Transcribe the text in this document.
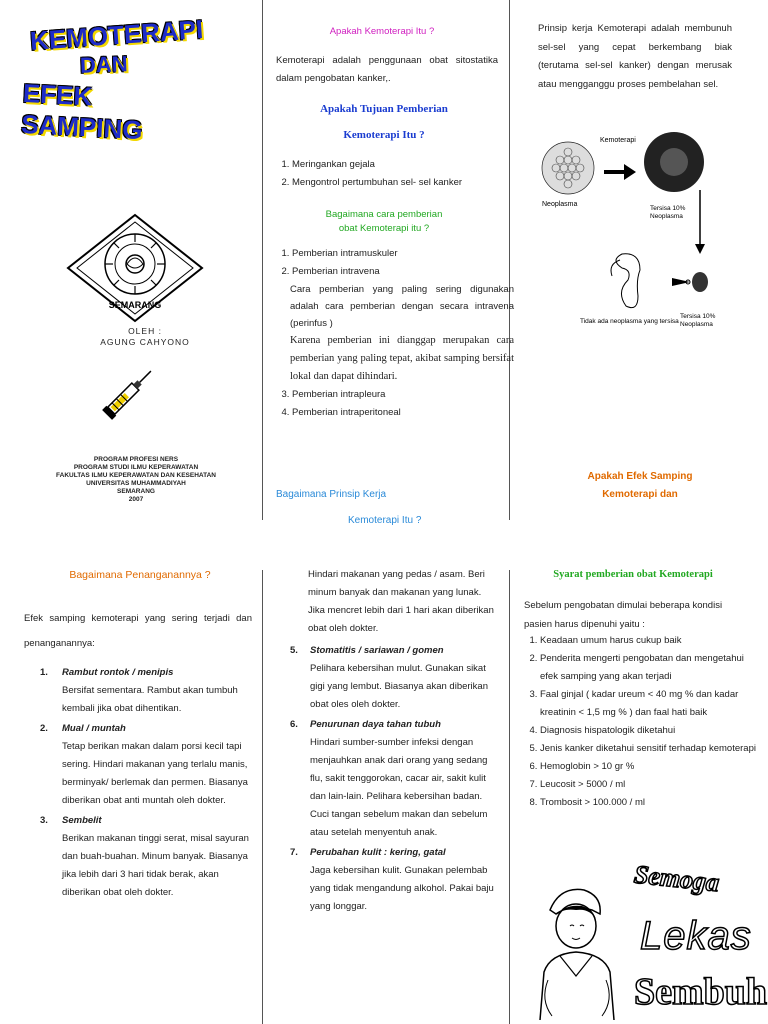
KEMOTERAPI
DAN
EFEK SAMPING
SEMARANG
OLEH :
AGUNG CAHYONO
PROGRAM PROFESI NERS
PROGRAM STUDI ILMU KEPERAWATAN
FAKULTAS ILMU KEPERAWATAN DAN KESEHATAN
UNIVERSITAS MUHAMMADIYAH
SEMARANG
2007
Apakah Kemoterapi Itu ?

Kemoterapi adalah penggunaan obat sitostatika dalam pengobatan kanker,.

Apakah Tujuan Pemberian
Kemoterapi Itu ?
1. Meringankan gejala
2. Mengontrol pertumbuhan sel- sel kanker
Bagaimana cara pemberian
obat Kemoterapi itu ?
1. Pemberian intramuskuler
2. Pemberian intravena

Cara pemberian yang paling sering digunakan adalah cara pemberian dengan secara intravena (perinfus )

Karena pemberian ini dianggap merupakan cara pemberian yang paling tepat, akibat samping bersifat lokal dan dapat dihindari.

3. Pemberian intrapleura
4. Pemberian intraperitoneal
Bagaimana Prinsip Kerja
Kemoterapi Itu ?

Prinsip kerja Kemoterapi adalah membunuh sel-sel yang cepat berkembang biak (terutama sel-sel kanker) dengan merusak atau mengganggu proses pembelahan sel.

Kemoterapi
Neoplasma
Tersisa 10%
Neoplasma
Tersisa 10%
Neoplasma
Tidak ada neoplasma yang tersisa
Apakah Efek Samping
Kemoterapi dan
Bagaimana Penanganannya ?

Efek samping kemoterapi yang sering terjadi dan penanganannya:

1. Rambut rontok / menipis
Bersifat sementara. Rambut akan tumbuh kembali jika obat dihentikan.
2. Mual / muntah
Tetap berikan makan dalam porsi kecil tapi sering. Hindari makanan yang terlalu manis, berminyak/ berlemak dan permen. Biasanya diberikan obat anti muntah oleh dokter.
3. Sembelit
Berikan makanan tinggi serat, misal sayuran dan buah-buahan. Minum banyak. Biasanya jika lebih dari 3 hari tidak berak, akan diberikan obat oleh dokter.

Hindari makanan yang pedas / asam. Beri minum banyak dan makanan yang lunak. Jika mencret lebih dari 1 hari akan diberikan obat oleh dokter.

5. Stomatitis / sariawan / gomen
Pelihara kebersihan mulut. Gunakan sikat gigi yang lembut. Biasanya akan diberikan obat oles oleh dokter.
6. Penurunan daya tahan tubuh
Hindari sumber-sumber infeksi dengan menjauhkan anak dari orang yang sedang flu, sakit tenggorokan, cacar air, sakit kulit dan lain-lain. Pelihara kebersihan badan. Cuci tangan sebelum makan dan sebelum atau setelah menyentuh anak.
7. Perubahan kulit : kering, gatal
Jaga kebersihan kulit. Gunakan pelembab yang tidak mengandung alkohol. Pakai baju yang longgar.
Syarat pemberian obat Kemoterapi

Sebelum pengobatan dimulai beberapa kondisi pasien harus dipenuhi yaitu :

1. Keadaan umum harus cukup baik
2. Penderita mengerti pengobatan dan mengetahui efek samping yang akan terjadi
3. Faal ginjal ( kadar ureum < 40 mg % dan kadar kreatinin < 1,5 mg % ) dan faal hati baik
4. Diagnosis hispatologik diketahui
5. Jenis kanker diketahui sensitif terhadap kemoterapi
6. Hemoglobin > 10 gr %
7. Leucosit > 5000 / ml
8. Trombosit > 100.000 / ml
Semoga
Lekas
Sembuh
